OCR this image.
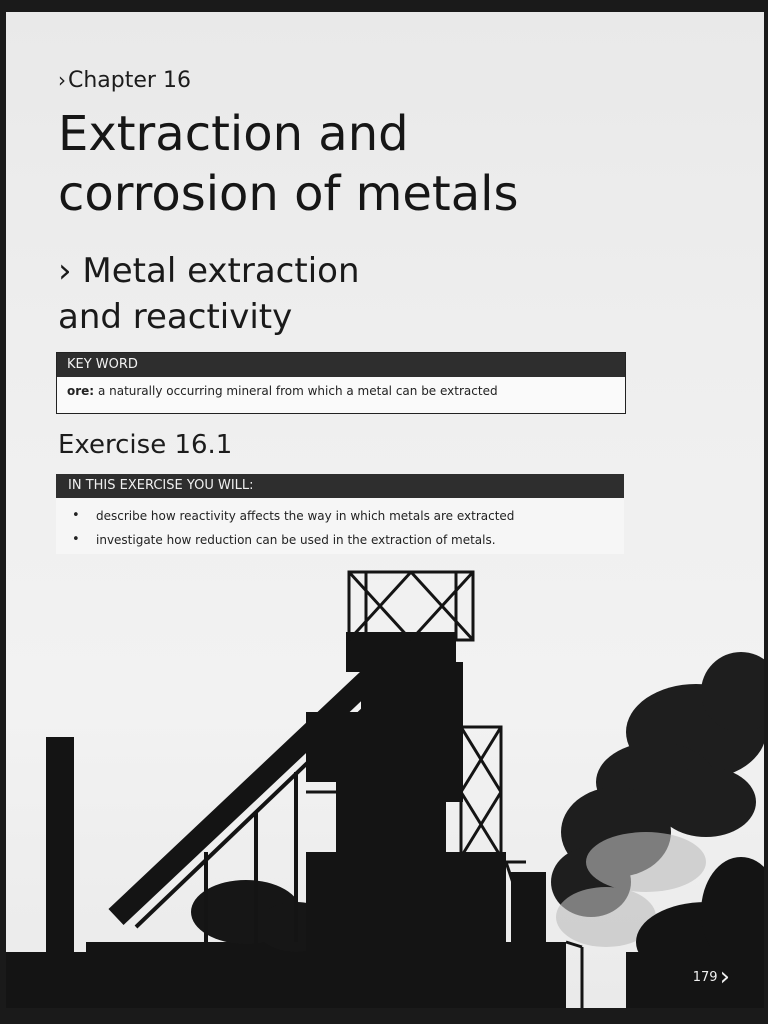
›Chapter 16
Extraction and
corrosion of metals
› Metal extraction
and reactivity
KEY WORD
ore: a naturally occurring mineral from which a metal can be extracted
Exercise 16.1
IN THIS EXERCISE YOU WILL:
• describe how reactivity affects the way in which metals are extracted
• investigate how reduction can be used in the extraction of metals.
179›
